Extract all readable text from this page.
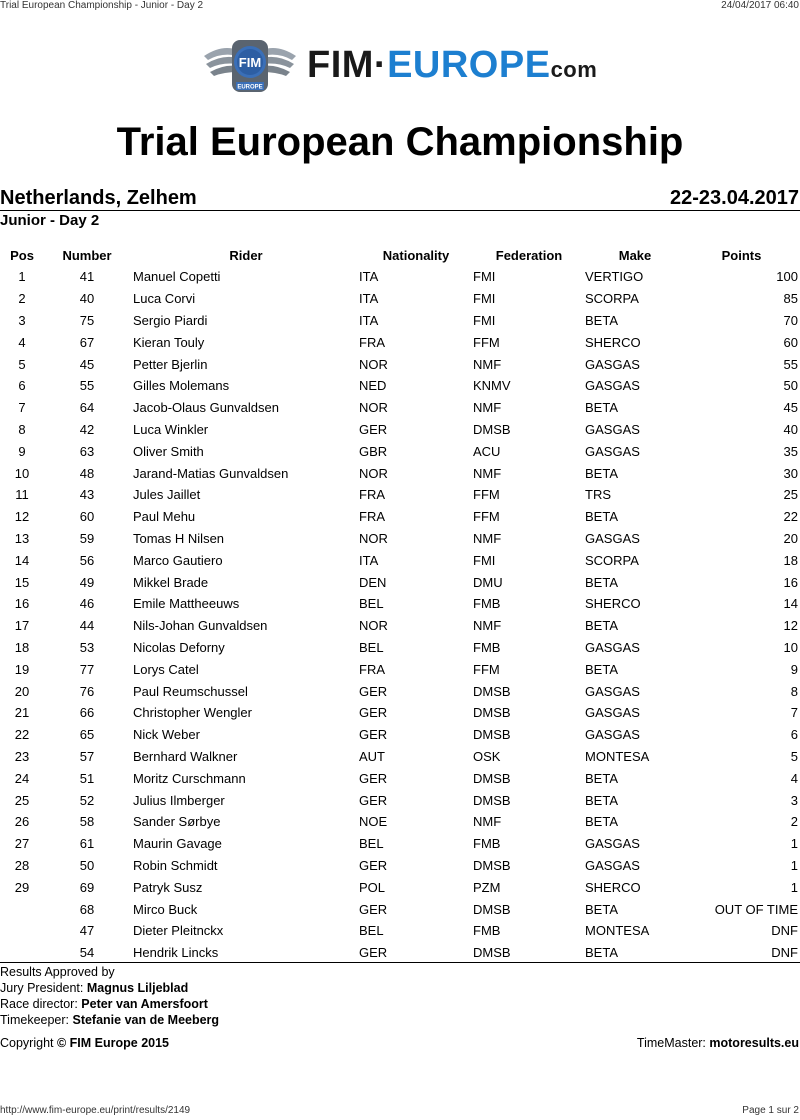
Trial European Championship - Junior - Day 2	24/04/2017 06:40
FIM
EUROPE
FIM·EUROPEcom
Trial European Championship
Netherlands, Zelhem	22-23.04.2017
Junior - Day 2
Pos	Number	Rider	Nationality	Federation	Make	Points
1	41	Manuel Copetti	ITA	FMI	VERTIGO	100
2	40	Luca Corvi	ITA	FMI	SCORPA	85
3	75	Sergio Piardi	ITA	FMI	BETA	70
4	67	Kieran Touly	FRA	FFM	SHERCO	60
5	45	Petter Bjerlin	NOR	NMF	GASGAS	55
6	55	Gilles Molemans	NED	KNMV	GASGAS	50
7	64	Jacob-Olaus Gunvaldsen	NOR	NMF	BETA	45
8	42	Luca Winkler	GER	DMSB	GASGAS	40
9	63	Oliver Smith	GBR	ACU	GASGAS	35
10	48	Jarand-Matias Gunvaldsen	NOR	NMF	BETA	30
11	43	Jules Jaillet	FRA	FFM	TRS	25
12	60	Paul Mehu	FRA	FFM	BETA	22
13	59	Tomas H Nilsen	NOR	NMF	GASGAS	20
14	56	Marco Gautiero	ITA	FMI	SCORPA	18
15	49	Mikkel Brade	DEN	DMU	BETA	16
16	46	Emile Mattheeuws	BEL	FMB	SHERCO	14
17	44	Nils-Johan Gunvaldsen	NOR	NMF	BETA	12
18	53	Nicolas Deforny	BEL	FMB	GASGAS	10
19	77	Lorys Catel	FRA	FFM	BETA	9
20	76	Paul Reumschussel	GER	DMSB	GASGAS	8
21	66	Christopher Wengler	GER	DMSB	GASGAS	7
22	65	Nick Weber	GER	DMSB	GASGAS	6
23	57	Bernhard Walkner	AUT	OSK	MONTESA	5
24	51	Moritz Curschmann	GER	DMSB	BETA	4
25	52	Julius Ilmberger	GER	DMSB	BETA	3
26	58	Sander Sørbye	NOE	NMF	BETA	2
27	61	Maurin Gavage	BEL	FMB	GASGAS	1
28	50	Robin Schmidt	GER	DMSB	GASGAS	1
29	69	Patryk Susz	POL	PZM	SHERCO	1
	68	Mirco Buck	GER	DMSB	BETA	OUT OF TIME
	47	Dieter Pleitnckx	BEL	FMB	MONTESA	DNF
	54	Hendrik Lincks	GER	DMSB	BETA	DNF
Results Approved by
Jury President: Magnus Liljeblad
Race director: Peter van Amersfoort
Timekeeper: Stefanie van de Meeberg
Copyright © FIM Europe 2015	TimeMaster: motoresults.eu
http://www.fim-europe.eu/print/results/2149	Page 1 sur 2
